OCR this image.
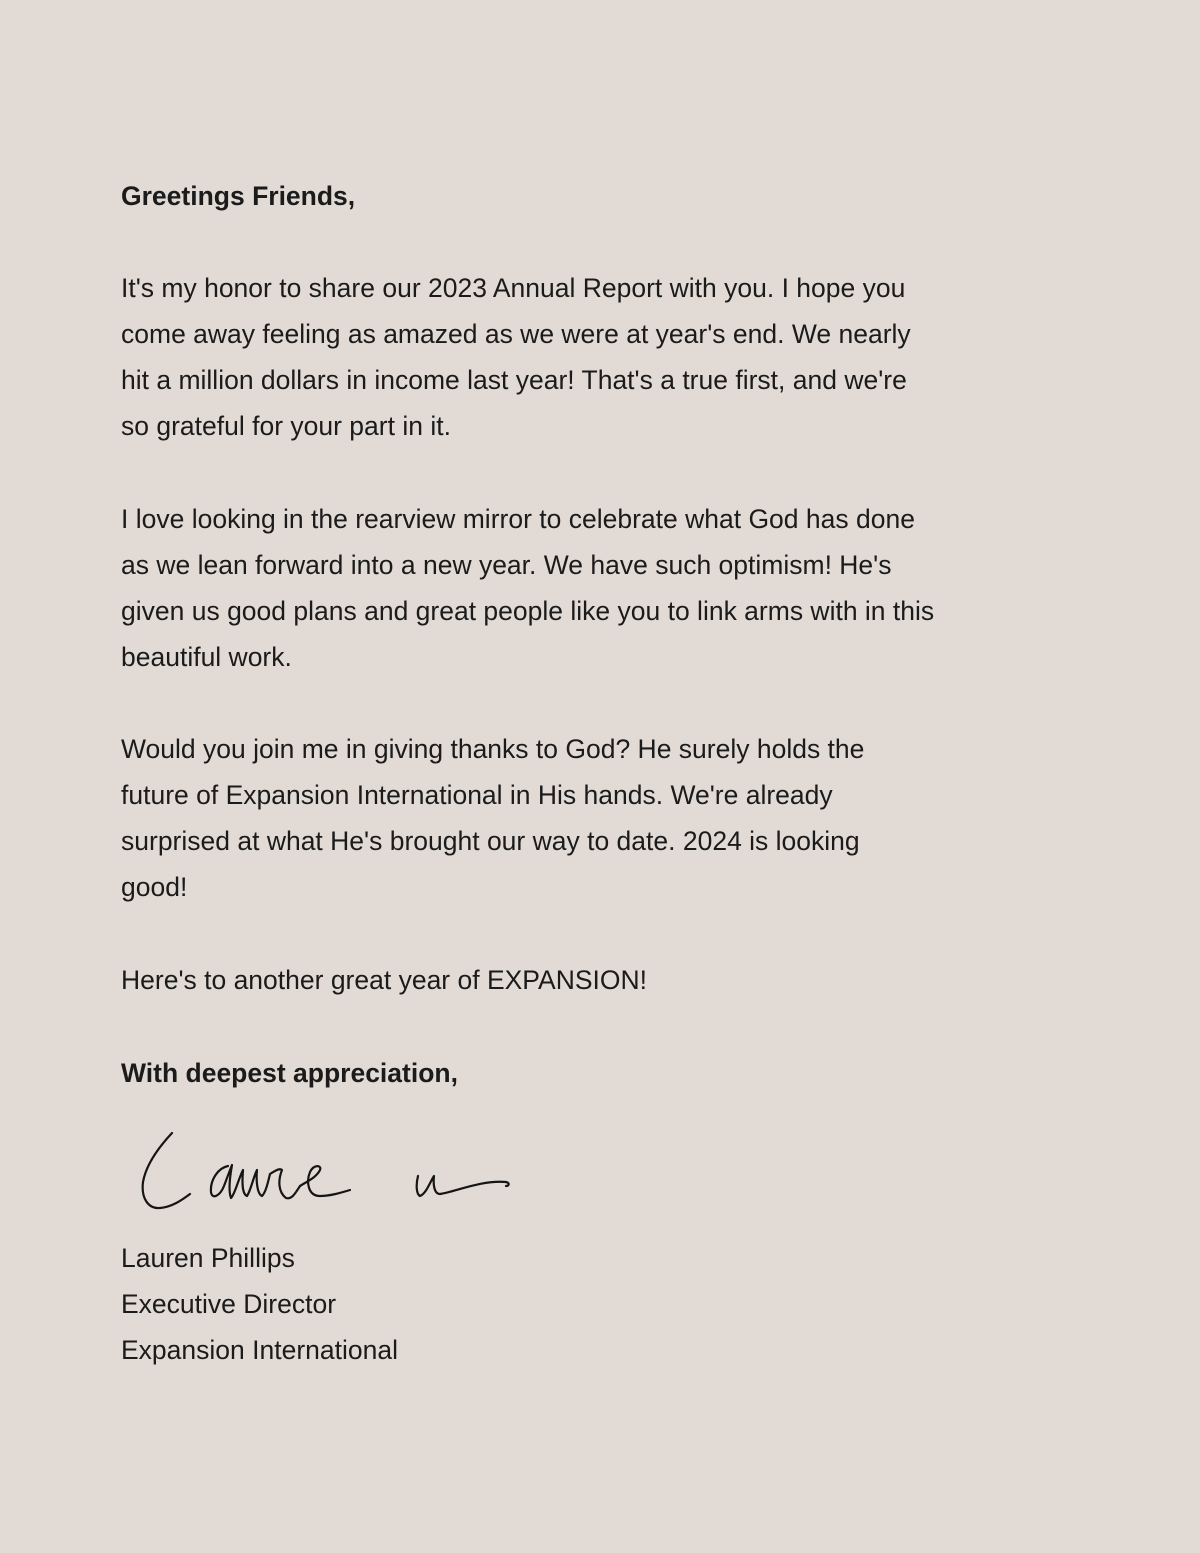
Greetings Friends,
It's my honor to share our 2023 Annual Report with you. I hope you
come away feeling as amazed as we were at year's end. We nearly
hit a million dollars in income last year! That's a true first, and we're
so grateful for your part in it.
I love looking in the rearview mirror to celebrate what God has done
as we lean forward into a new year. We have such optimism! He's
given us good plans and great people like you to link arms with in this
beautiful work.
Would you join me in giving thanks to God? He surely holds the
future of Expansion International in His hands. We're already
surprised at what He's brought our way to date. 2024 is looking
good!
Here's to another great year of EXPANSION!
With deepest appreciation,
Lauren Phillips
Executive Director
Expansion International
